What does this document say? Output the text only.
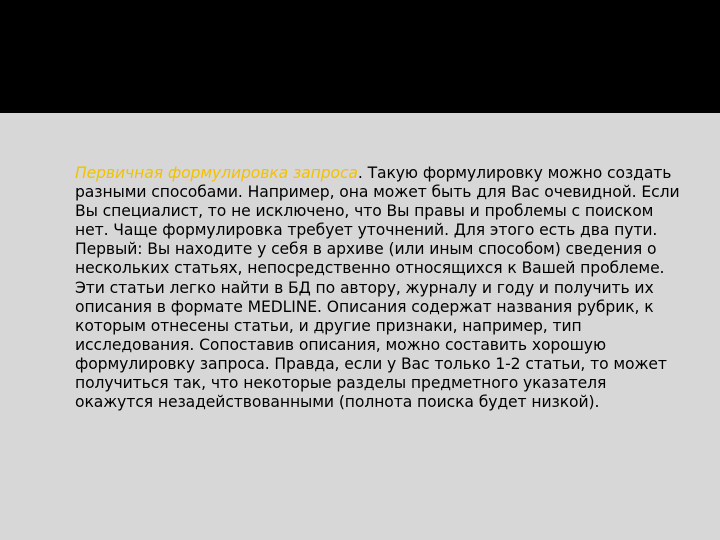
Первичная формулировка запроса. Такую формулировку можно создать разными способами. Например, она может быть для Вас очевидной. Если Вы специалист, то не исключено, что Вы правы и проблемы с поиском нет. Чаще формулировка требует уточнений. Для этого есть два пути. Первый: Вы находите у себя в архиве (или иным способом) сведения о нескольких статьях, непосредственно относящихся к Вашей проблеме. Эти статьи легко найти в БД по автору, журналу и году и получить их описания в формате MEDLINE. Описания содержат названия рубрик, к которым отнесены статьи, и другие признаки, например, тип исследования. Сопоставив описания, можно составить хорошую формулировку запроса. Правда, если у Вас только 1-2 статьи, то может получиться так, что некоторые разделы предметного указателя окажутся незадействованными (полнота поиска будет низкой).
